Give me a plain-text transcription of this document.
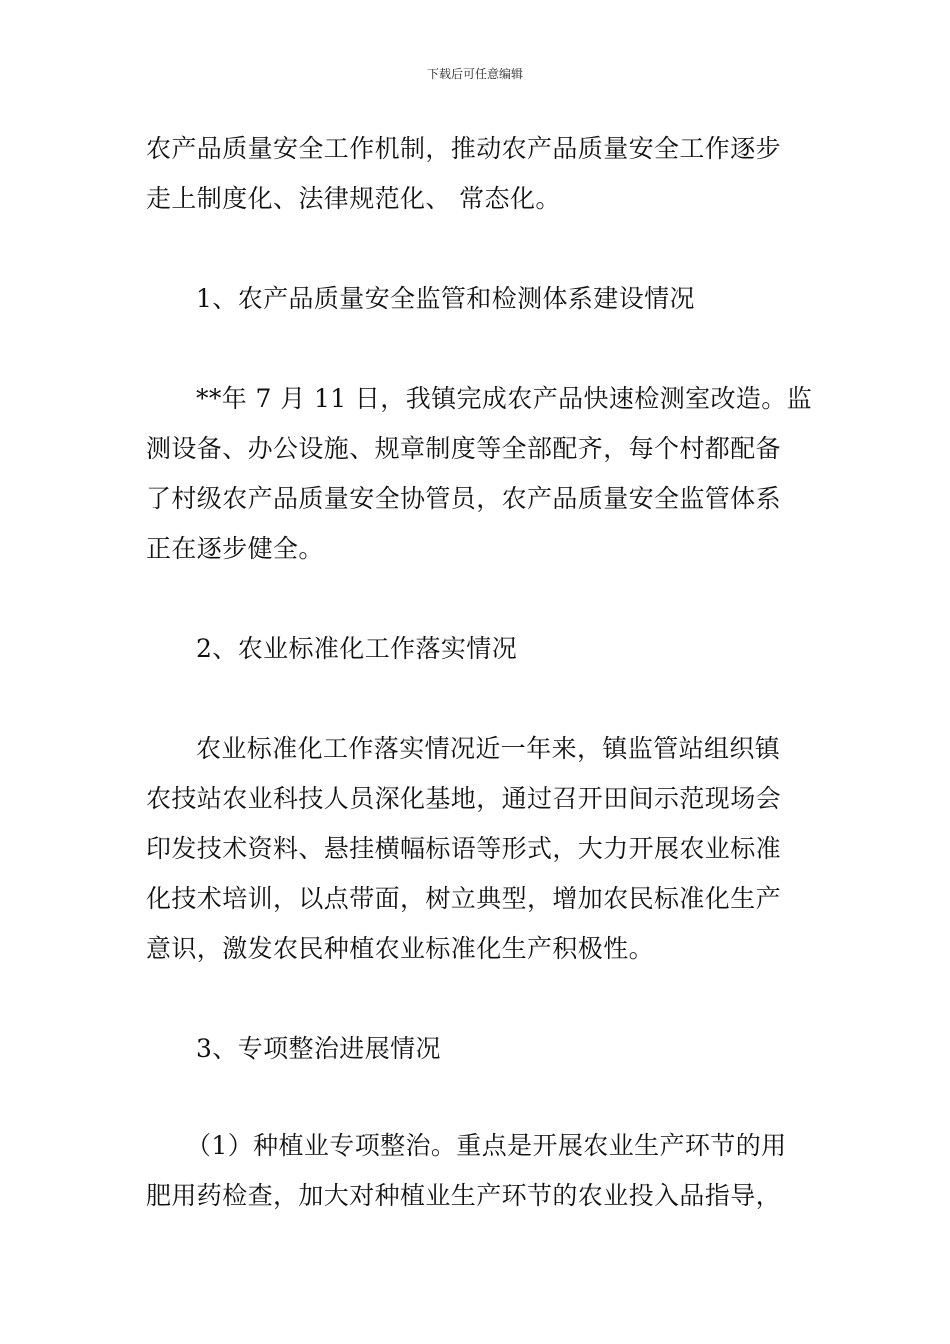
下载后可任意编辑
农产品质量安全工作机制，推动农产品质量安全工作逐步
走上制度化、法律规范化、 常态化。
1、农产品质量安全监管和检测体系建设情况
**年 7 月 11 日，我镇完成农产品快速检测室改造。监
测设备、办公设施、规章制度等全部配齐，每个村都配备
了村级农产品质量安全协管员，农产品质量安全监管体系
正在逐步健全。
2、农业标准化工作落实情况
农业标准化工作落实情况近一年来，镇监管站组织镇
农技站农业科技人员深化基地，通过召开田间示范现场会
印发技术资料、悬挂横幅标语等形式，大力开展农业标准
化技术培训，以点带面，树立典型，增加农民标准化生产
意识，激发农民种植农业标准化生产积极性。
3、专项整治进展情况
（1）种植业专项整治。重点是开展农业生产环节的用
肥用药检查，加大对种植业生产环节的农业投入品指导，
